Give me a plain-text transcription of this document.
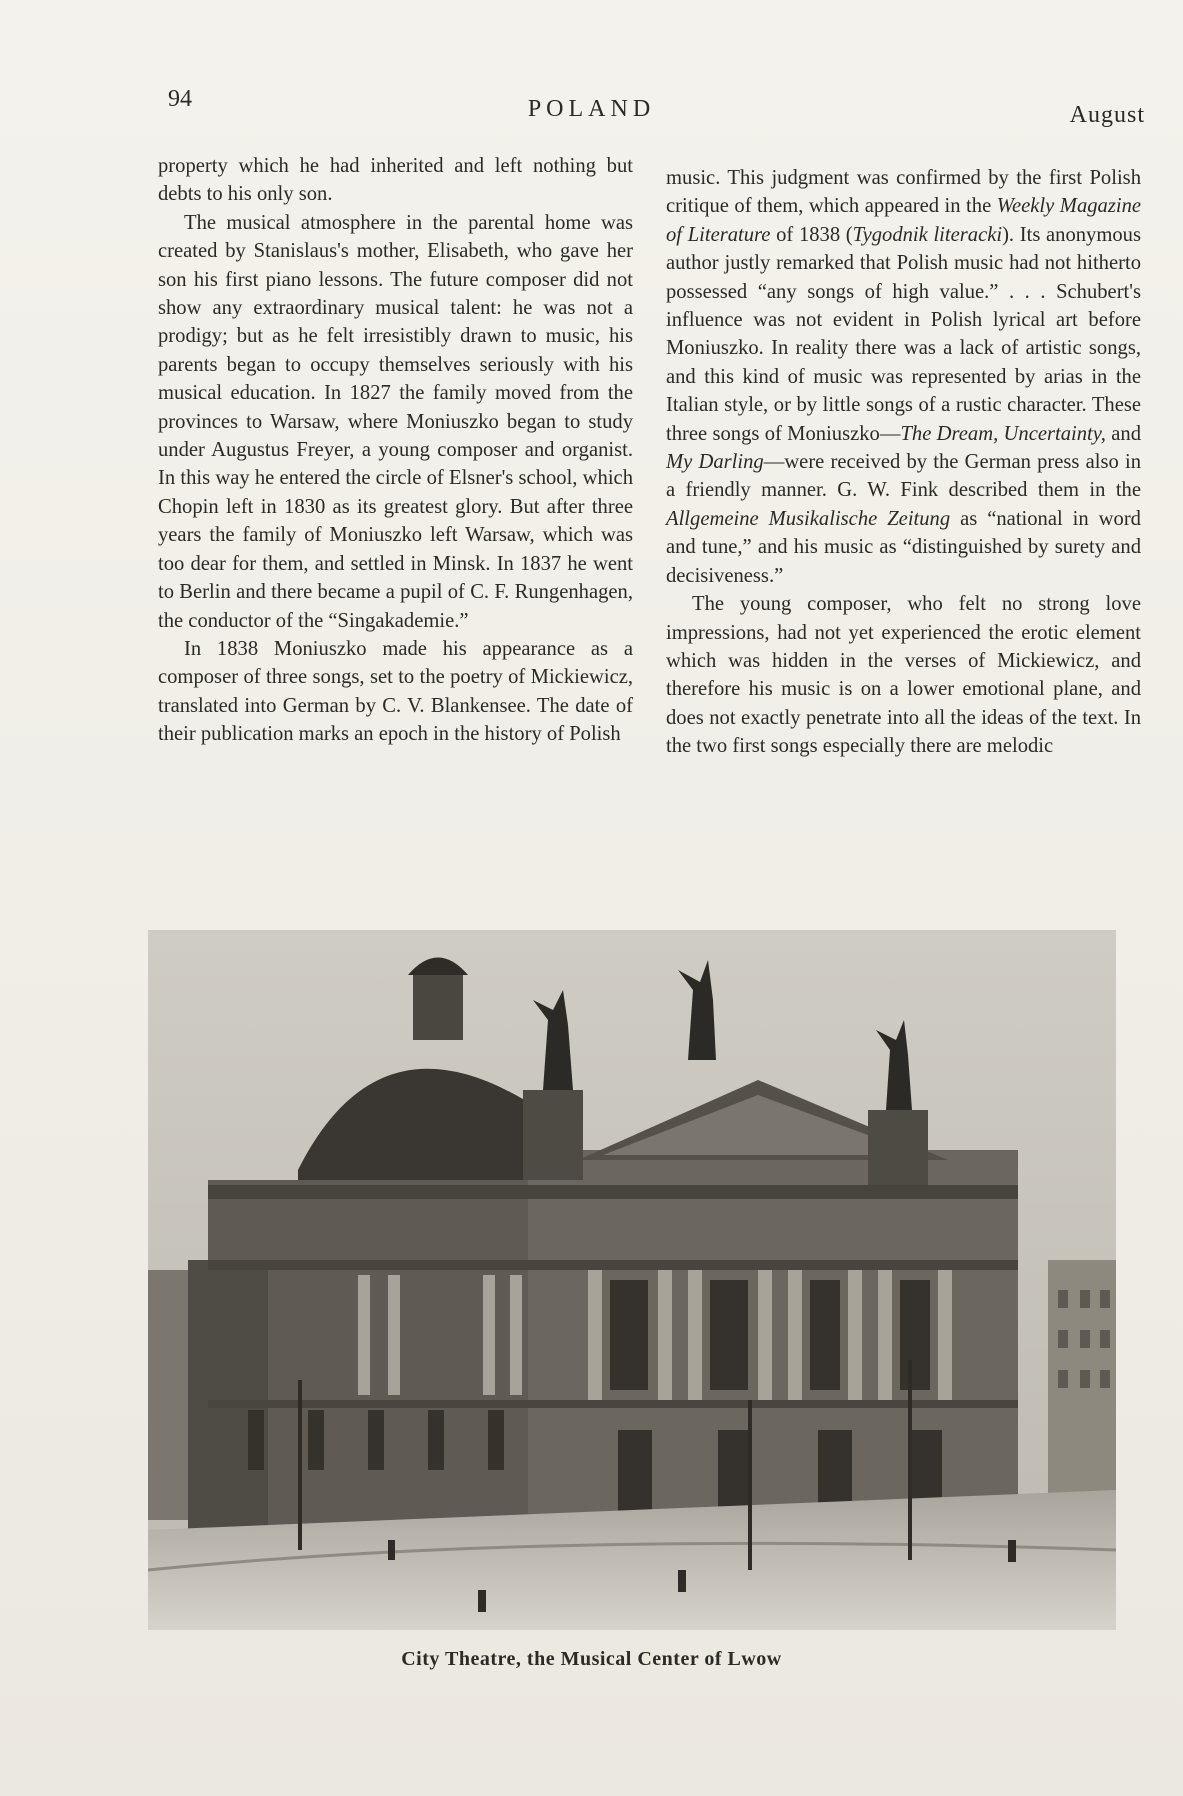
94	POLAND	August

property which he had inherited and left nothing but debts to his only son.

The musical atmosphere in the parental home was created by Stanislaus's mother, Elisabeth, who gave her son his first piano lessons. The future composer did not show any extraordinary musical talent: he was not a prodigy; but as he felt irresistibly drawn to music, his parents began to occupy themselves seriously with his musical education. In 1827 the family moved from the provinces to Warsaw, where Moniuszko began to study under Augustus Freyer, a young composer and organist. In this way he entered the circle of Elsner's school, which Chopin left in 1830 as its greatest glory. But after three years the family of Moniuszko left Warsaw, which was too dear for them, and settled in Minsk. In 1837 he went to Berlin and there became a pupil of C. F. Rungenhagen, the conductor of the “Singakademie.”

In 1838 Moniuszko made his appearance as a composer of three songs, set to the poetry of Mickiewicz, translated into German by C. V. Blankensee. The date of their publication marks an epoch in the history of Polish

music. This judgment was confirmed by the first Polish critique of them, which appeared in the Weekly Magazine of Literature of 1838 (Tygodnik literacki). Its anonymous author justly remarked that Polish music had not hitherto possessed “any songs of high value.” . . . Schubert's influence was not evident in Polish lyrical art before Moniuszko. In reality there was a lack of artistic songs, and this kind of music was represented by arias in the Italian style, or by little songs of a rustic character. These three songs of Moniuszko—The Dream, Uncertainty, and My Darling—were received by the German press also in a friendly manner. G. W. Fink described them in the Allgemeine Musikalische Zeitung as “national in word and tune,” and his music as “distinguished by surety and decisiveness.”

The young composer, who felt no strong love impressions, had not yet experienced the erotic element which was hidden in the verses of Mickiewicz, and therefore his music is on a lower emotional plane, and does not exactly penetrate into all the ideas of the text. In the two first songs especially there are melodic

City Theatre, the Musical Center of Lwow
